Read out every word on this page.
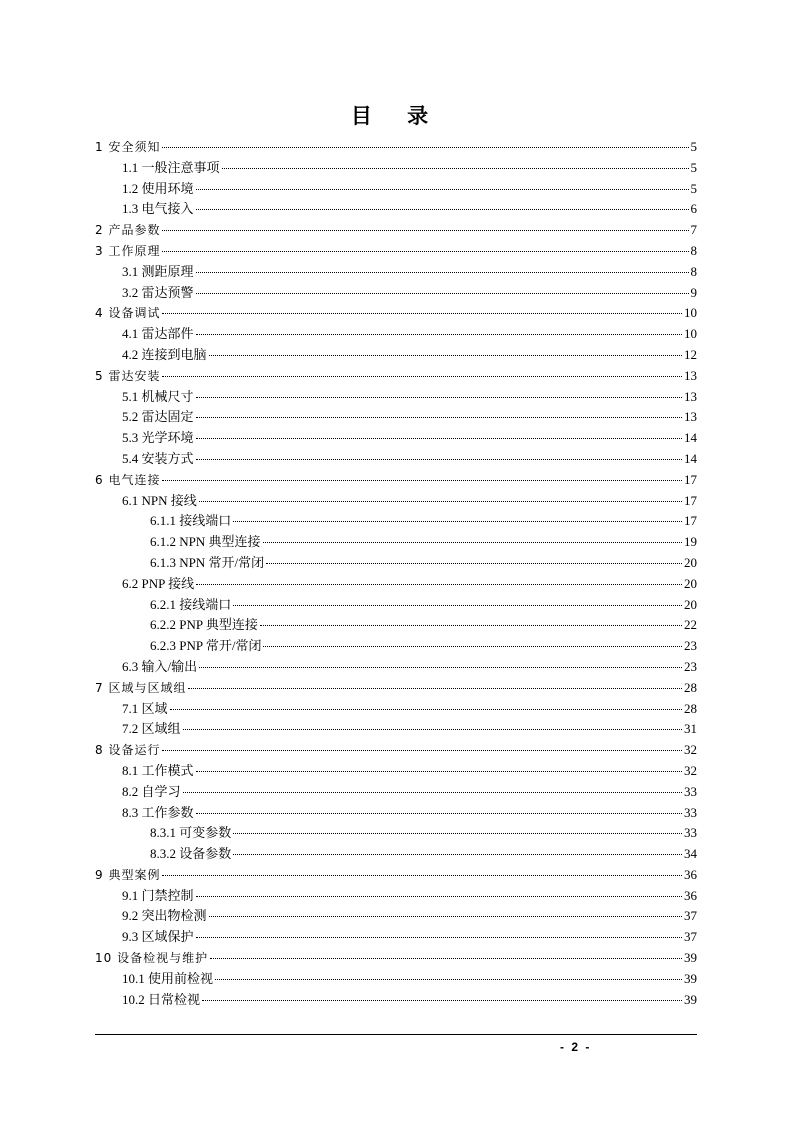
目 录
1 安全须知	5
1.1 一般注意事项	5
1.2 使用环境	5
1.3 电气接入	6
2 产品参数	7
3 工作原理	8
3.1 测距原理	8
3.2 雷达预警	9
4 设备调试	10
4.1 雷达部件	10
4.2 连接到电脑	12
5 雷达安装	13
5.1 机械尺寸	13
5.2 雷达固定	13
5.3 光学环境	14
5.4 安装方式	14
6 电气连接	17
6.1 NPN 接线	17
6.1.1 接线端口	17
6.1.2 NPN 典型连接	19
6.1.3 NPN 常开/常闭	20
6.2 PNP 接线	20
6.2.1 接线端口	20
6.2.2 PNP 典型连接	22
6.2.3 PNP 常开/常闭	23
6.3 输入/输出	23
7 区域与区域组	28
7.1 区域	28
7.2 区域组	31
8 设备运行	32
8.1 工作模式	32
8.2 自学习	33
8.3 工作参数	33
8.3.1 可变参数	33
8.3.2 设备参数	34
9 典型案例	36
9.1 门禁控制	36
9.2 突出物检测	37
9.3 区域保护	37
10 设备检视与维护	39
10.1 使用前检视	39
10.2 日常检视	39
- 2 -
